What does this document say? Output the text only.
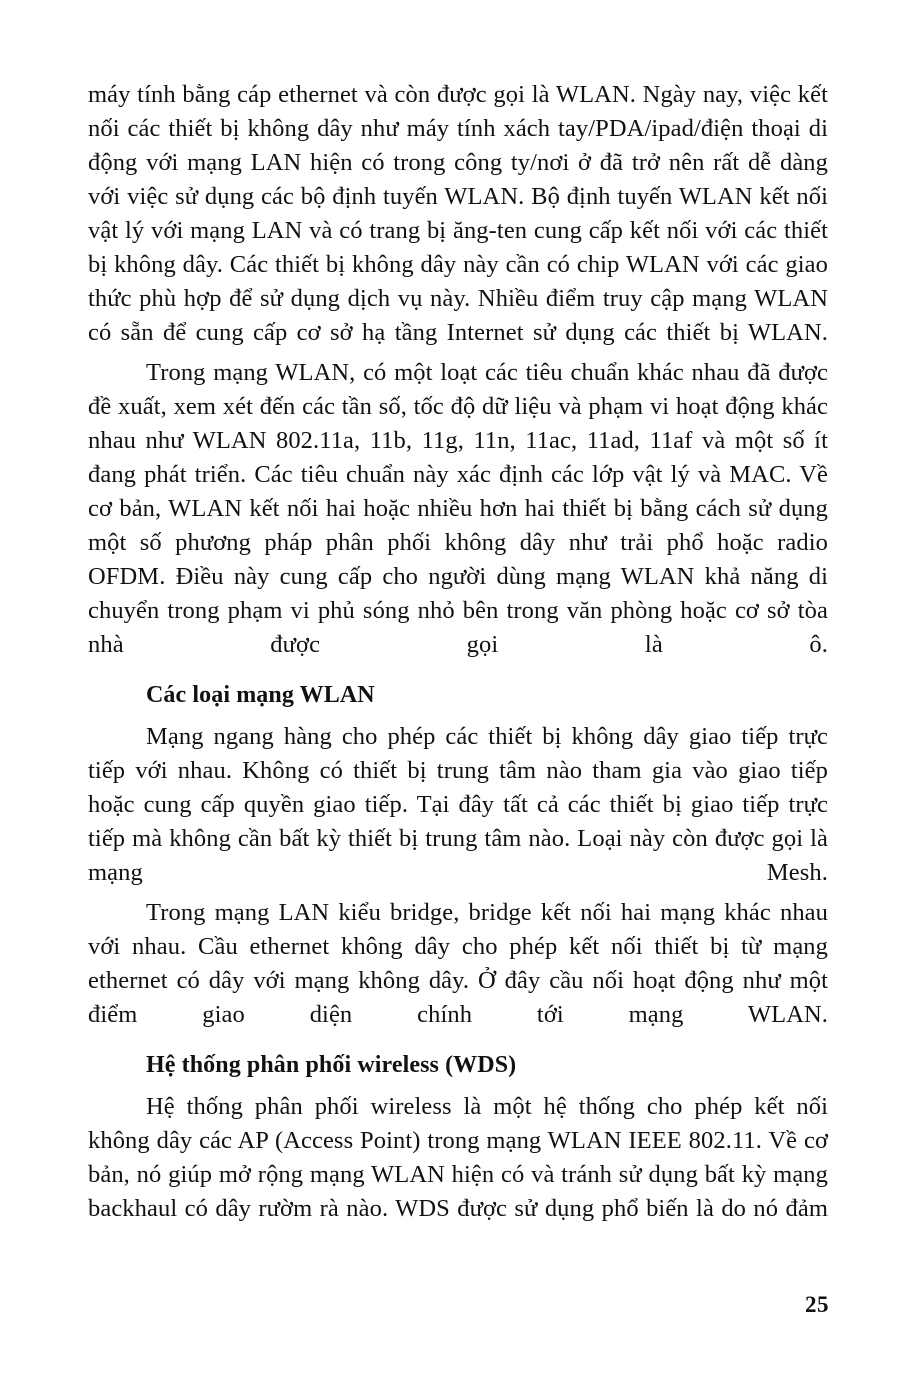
máy tính bằng cáp ethernet và còn được gọi là WLAN. Ngày nay, việc kết nối các thiết bị không dây như máy tính xách tay/PDA/ipad/điện thoại di động với mạng LAN hiện có trong công ty/nơi ở đã trở nên rất dễ dàng với việc sử dụng các bộ định tuyến WLAN. Bộ định tuyến WLAN kết nối vật lý với mạng LAN và có trang bị ăng-ten cung cấp kết nối với các thiết bị không dây. Các thiết bị không dây này cần có chip WLAN với các giao thức phù hợp để sử dụng dịch vụ này. Nhiều điểm truy cập mạng WLAN có sẵn để cung cấp cơ sở hạ tầng Internet sử dụng các thiết bị WLAN.

Trong mạng WLAN, có một loạt các tiêu chuẩn khác nhau đã được đề xuất, xem xét đến các tần số, tốc độ dữ liệu và phạm vi hoạt động khác nhau như WLAN 802.11a, 11b, 11g, 11n, 11ac, 11ad, 11af và một số ít đang phát triển. Các tiêu chuẩn này xác định các lớp vật lý và MAC. Về cơ bản, WLAN kết nối hai hoặc nhiều hơn hai thiết bị bằng cách sử dụng một số phương pháp phân phối không dây như trải phổ hoặc radio OFDM. Điều này cung cấp cho người dùng mạng WLAN khả năng di chuyển trong phạm vi phủ sóng nhỏ bên trong văn phòng hoặc cơ sở tòa nhà được gọi là ô.

Các loại mạng WLAN

Mạng ngang hàng cho phép các thiết bị không dây giao tiếp trực tiếp với nhau. Không có thiết bị trung tâm nào tham gia vào giao tiếp hoặc cung cấp quyền giao tiếp. Tại đây tất cả các thiết bị giao tiếp trực tiếp mà không cần bất kỳ thiết bị trung tâm nào. Loại này còn được gọi là mạng Mesh.

Trong mạng LAN kiểu bridge, bridge kết nối hai mạng khác nhau với nhau. Cầu ethernet không dây cho phép kết nối thiết bị từ mạng ethernet có dây với mạng không dây. Ở đây cầu nối hoạt động như một điểm giao diện chính tới mạng WLAN.

Hệ thống phân phối wireless (WDS)

Hệ thống phân phối wireless là một hệ thống cho phép kết nối không dây các AP (Access Point) trong mạng WLAN IEEE 802.11. Về cơ bản, nó giúp mở rộng mạng WLAN hiện có và tránh sử dụng bất kỳ mạng backhaul có dây rườm rà nào. WDS được sử dụng phổ biến là do nó đảm

25
